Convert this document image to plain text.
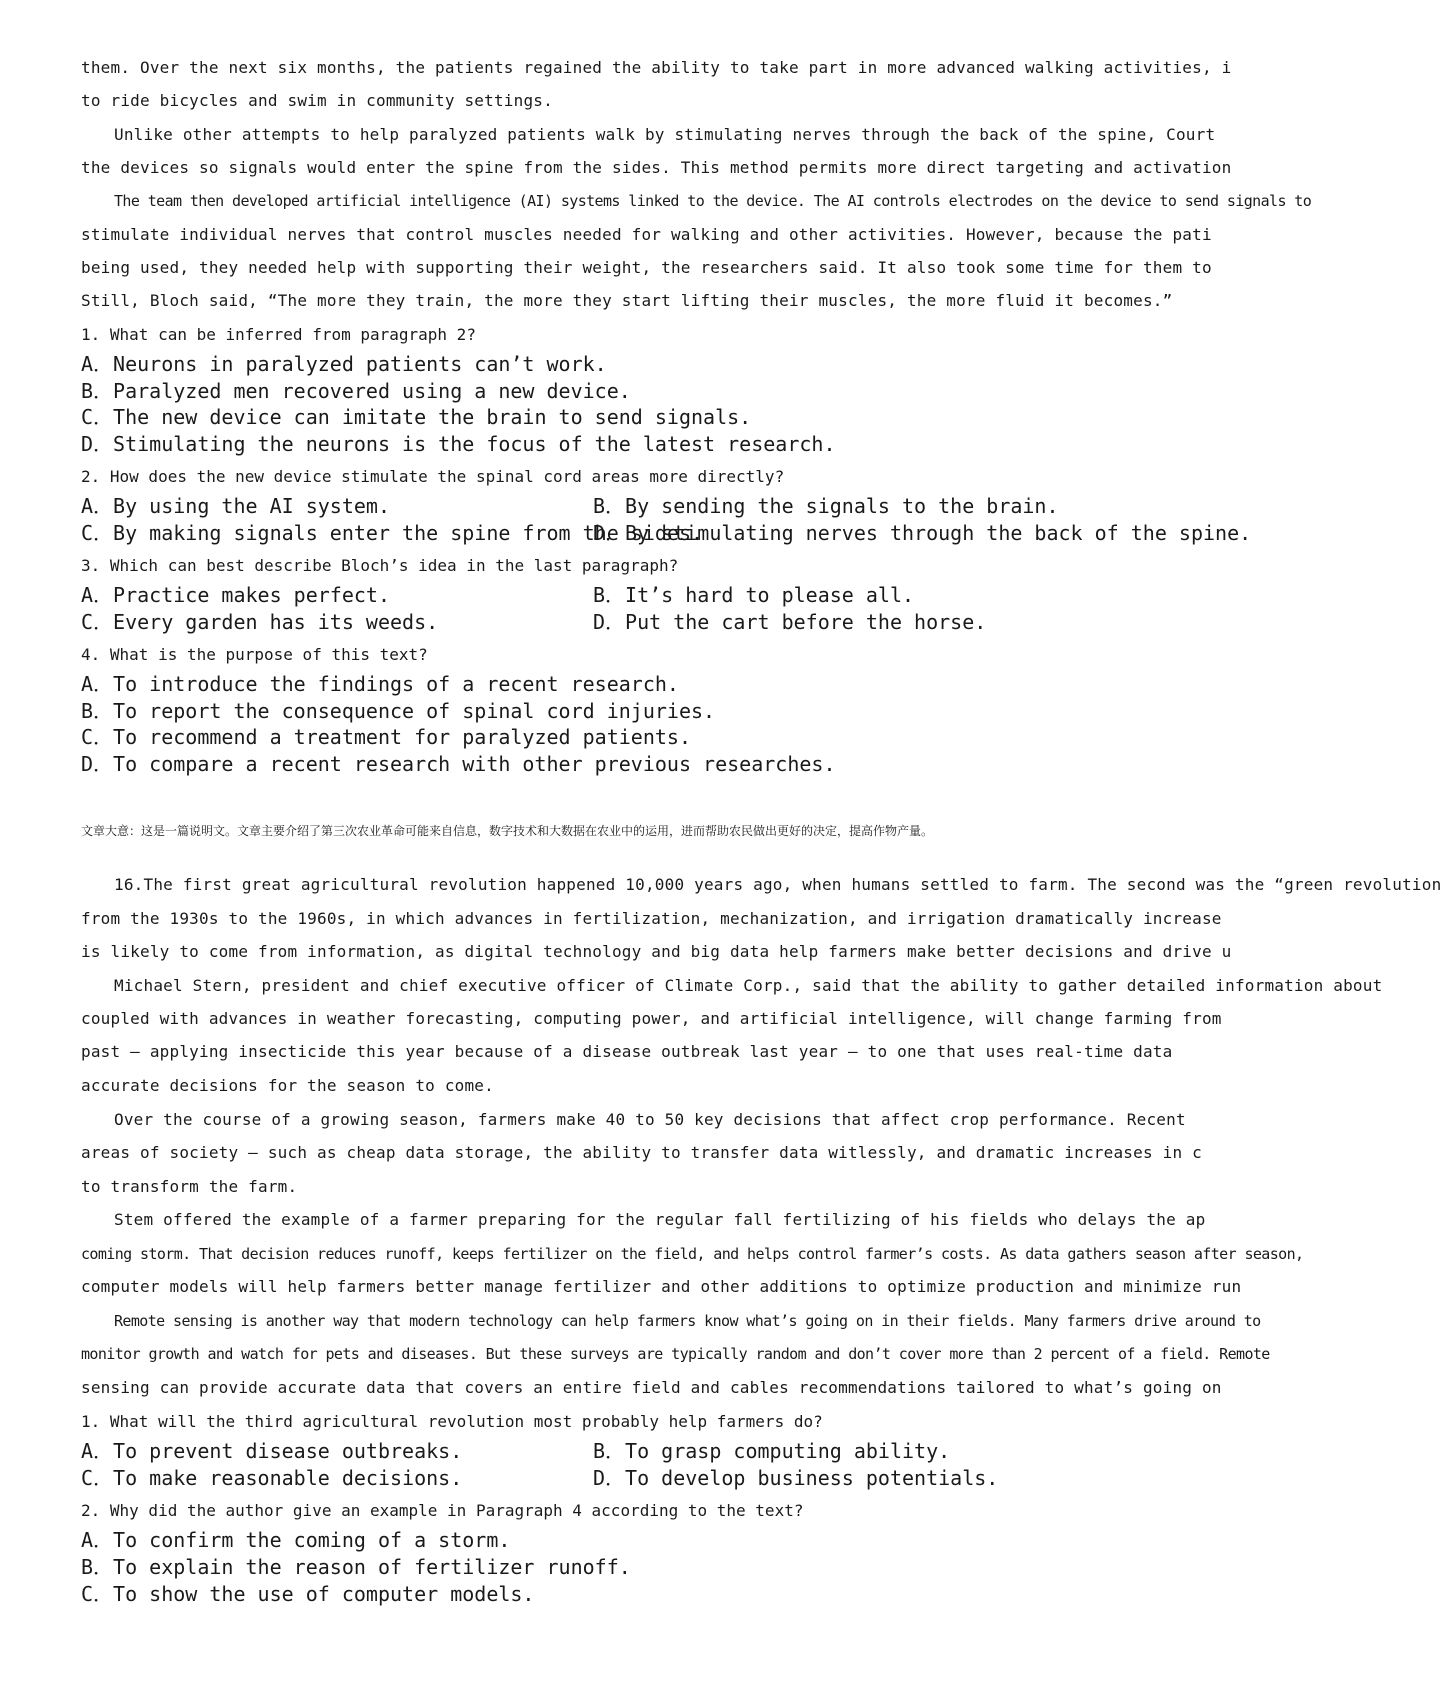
them. Over the next six months, the patients regained the ability to take part in more advanced walking activities, i
to ride bicycles and swim in community settings.
Unlike other attempts to help paralyzed patients walk by stimulating nerves through the back of the spine, Court
the devices so signals would enter the spine from the sides. This method permits more direct targeting and activation
The team then developed artificial intelligence (AI) systems linked to the device. The AI controls electrodes on the device to send signals to
stimulate individual nerves that control muscles needed for walking and other activities. However, because the pati
being used, they needed help with supporting their weight, the researchers said. It also took some time for them to
Still, Bloch said, “The more they train, the more they start lifting their muscles, the more fluid it becomes.”
1. What can be inferred from paragraph 2?
A．Neurons in paralyzed patients can’t work.
B．Paralyzed men recovered using a new device.
C．The new device can imitate the brain to send signals.
D．Stimulating the neurons is the focus of the latest research.
2. How does the new device stimulate the spinal cord areas more directly?
A．By using the AI system.	B．By sending the signals to the brain.
C．By making signals enter the spine from the sides.
D．By stimulating nerves through the back of the spine.
3. Which can best describe Bloch’s idea in the last paragraph?
A．Practice makes perfect.	B．It’s hard to please all.
C．Every garden has its weeds.	D．Put the cart before the horse.
4. What is the purpose of this text?
A．To introduce the findings of a recent research.
B．To report the consequence of spinal cord injuries.
C．To recommend a treatment for paralyzed patients.
D．To compare a recent research with other previous researches.
文章大意：这是一篇说明文。文章主要介绍了第三次农业革命可能来自信息，数字技术和大数据在农业中的运用，进而帮助农民做出更好的决定，提高作物产量。
16.The first great agricultural revolution happened 10,000 years ago, when humans settled to farm. The second was the “green revolution
from the 1930s to the 1960s, in which advances in fertilization, mechanization, and irrigation dramatically increase
is likely to come from information, as digital technology and big data help farmers make better decisions and drive u
Michael Stern, president and chief executive officer of Climate Corp., said that the ability to gather detailed information about
coupled with advances in weather forecasting, computing power, and artificial intelligence, will change farming from
past — applying insecticide this year because of a disease outbreak last year — to one that uses real-time data
accurate decisions for the season to come.
Over the course of a growing season, farmers make 40 to 50 key decisions that affect crop performance. Recent
areas of society — such as cheap data storage, the ability to transfer data witlessly, and dramatic increases in c
to transform the farm.
Stem offered the example of a farmer preparing for the regular fall fertilizing of his fields who delays the ap
coming storm. That decision reduces runoff, keeps fertilizer on the field, and helps control farmer’s costs. As data gathers season after season,
computer models will help farmers better manage fertilizer and other additions to optimize production and minimize run
Remote sensing is another way that modern technology can help farmers know what’s going on in their fields. Many farmers drive around to
monitor growth and watch for pets and diseases. But these surveys are typically random and don’t cover more than 2 percent of a field. Remote
sensing can provide accurate data that covers an entire field and cables recommendations tailored to what’s going on
1. What will the third agricultural revolution most probably help farmers do?
A．To prevent disease outbreaks.	B．To grasp computing ability.
C．To make reasonable decisions.	D．To develop business potentials.
2. Why did the author give an example in Paragraph 4 according to the text?
A．To confirm the coming of a storm.
B．To explain the reason of fertilizer runoff.
C．To show the use of computer models.
